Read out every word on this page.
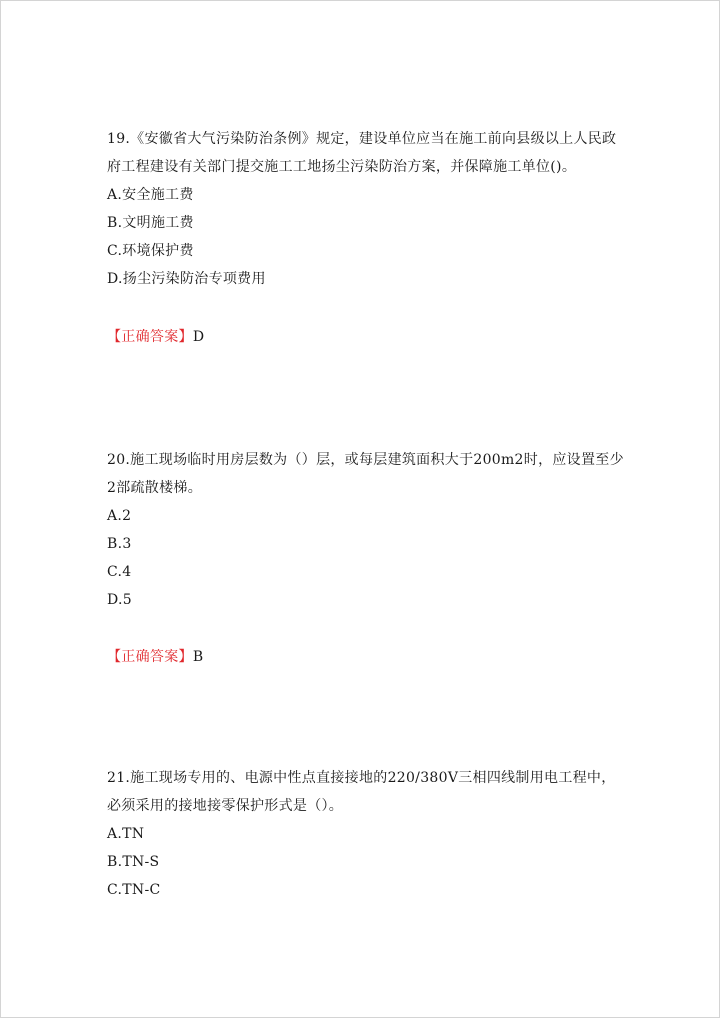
19.《安徽省大气污染防治条例》规定，建设单位应当在施工前向县级以上人民政府工程建设有关部门提交施工工地扬尘污染防治方案，并保障施工单位()。

A.安全施工费

B.文明施工费

C.环境保护费

D.扬尘污染防治专项费用

【正确答案】D

20.施工现场临时用房层数为（）层，或每层建筑面积大于200m2时，应设置至少2部疏散楼梯。

A.2

B.3

C.4

D.5

【正确答案】B

21.施工现场专用的、电源中性点直接接地的220/380V三相四线制用电工程中，必须采用的接地接零保护形式是（）。

A.TN

B.TN-S

C.TN-C
